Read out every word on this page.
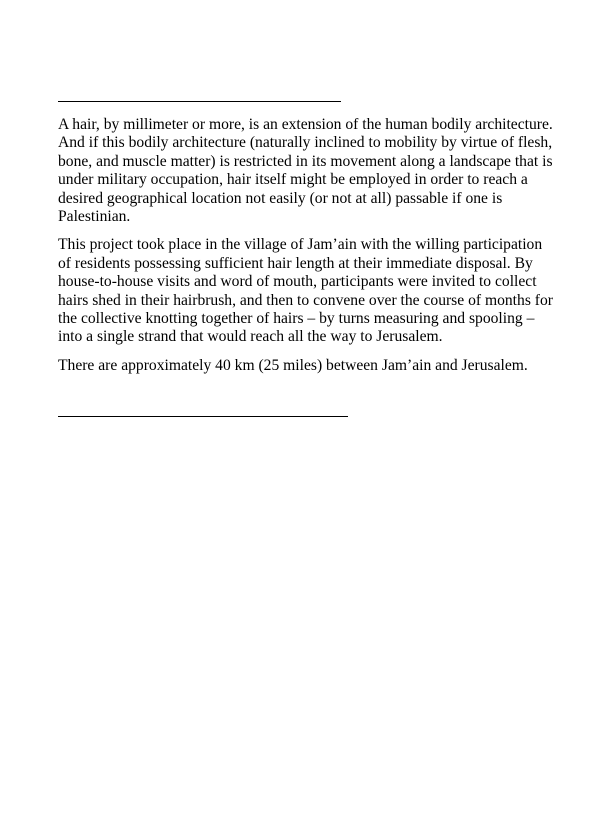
A hair, by millimeter or more, is an extension of the human bodily architecture. And if this bodily architecture (naturally inclined to mobility by virtue of flesh, bone, and muscle matter) is restricted in its movement along a landscape that is under military occupation, hair itself might be employed in order to reach a desired geographical location not easily (or not at all) passable if one is Palestinian.

This project took place in the village of Jam’ain with the willing participation of residents possessing sufficient hair length at their immediate disposal. By house-to-house visits and word of mouth, participants were invited to collect hairs shed in their hairbrush, and then to convene over the course of months for the collective knotting together of hairs – by turns measuring and spooling – into a single strand that would reach all the way to Jerusalem.

There are approximately 40 km (25 miles) between Jam’ain and Jerusalem.
